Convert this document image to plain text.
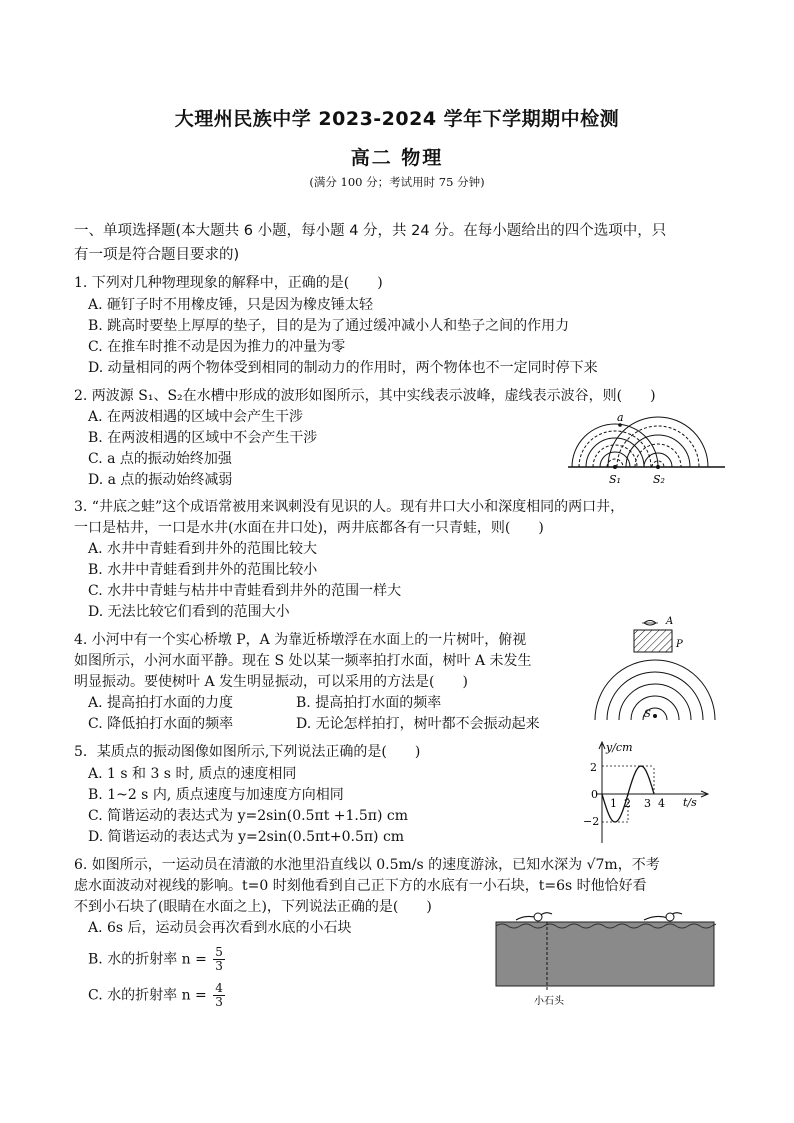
大理州民族中学 2023-2024 学年下学期期中检测
高二 物理
(满分 100 分；考试用时 75 分钟)
一、单项选择题(本大题共 6 小题，每小题 4 分，共 24 分。在每小题给出的四个选项中，只
有一项是符合题目要求的)
1. 下列对几种物理现象的解释中，正确的是(　　)
A. 砸钉子时不用橡皮锤，只是因为橡皮锤太轻
B. 跳高时要垫上厚厚的垫子，目的是为了通过缓冲减小人和垫子之间的作用力
C. 在推车时推不动是因为推力的冲量为零
D. 动量相同的两个物体受到相同的制动力的作用时，两个物体也不一定同时停下来
2. 两波源 S₁、S₂在水槽中形成的波形如图所示，其中实线表示波峰，虚线表示波谷，则(　　)
A. 在两波相遇的区域中会产生干涉
B. 在两波相遇的区域中不会产生干涉
C. a 点的振动始终加强
D. a 点的振动始终减弱
a
S₁	S₂
3. “井底之蛙”这个成语常被用来讽刺没有见识的人。现有井口大小和深度相同的两口井，
一口是枯井，一口是水井(水面在井口处)，两井底都各有一只青蛙，则(　　)
A. 水井中青蛙看到井外的范围比较大
B. 水井中青蛙看到井外的范围比较小
C. 水井中青蛙与枯井中青蛙看到井外的范围一样大
D. 无法比较它们看到的范围大小
4. 小河中有一个实心桥墩 P，A 为靠近桥墩浮在水面上的一片树叶，俯视
如图所示，小河水面平静。现在 S 处以某一频率拍打水面，树叶 A 未发生
明显振动。要使树叶 A 发生明显振动，可以采用的方法是(　　)
A. 提高拍打水面的力度	B. 提高拍打水面的频率
C. 降低拍打水面的频率	D. 无论怎样拍打，树叶都不会振动起来
A
P
S
5．某质点的振动图像如图所示,下列说法正确的是(　　)
A. 1 s 和 3 s 时, 质点的速度相同
B. 1~2 s 内, 质点速度与加速度方向相同
C. 简谐运动的表达式为 y=2sin(0.5πt +1.5π) cm
D. 简谐运动的表达式为 y=2sin(0.5πt+0.5π) cm
y/cm
t/s
2
0
−2
1 2 3 4
6. 如图所示，一运动员在清澈的水池里沿直线以 0.5m/s 的速度游泳，已知水深为 √7m，不考
虑水面波动对视线的影响。t=0 时刻他看到自己正下方的水底有一小石块，t=6s 时他恰好看
不到小石块了(眼睛在水面之上)，下列说法正确的是(　　)
A. 6s 后，运动员会再次看到水底的小石块
B. 水的折射率 $n = \frac{5}{3}$
C. 水的折射率 $n = \frac{4}{3}$	小石头
